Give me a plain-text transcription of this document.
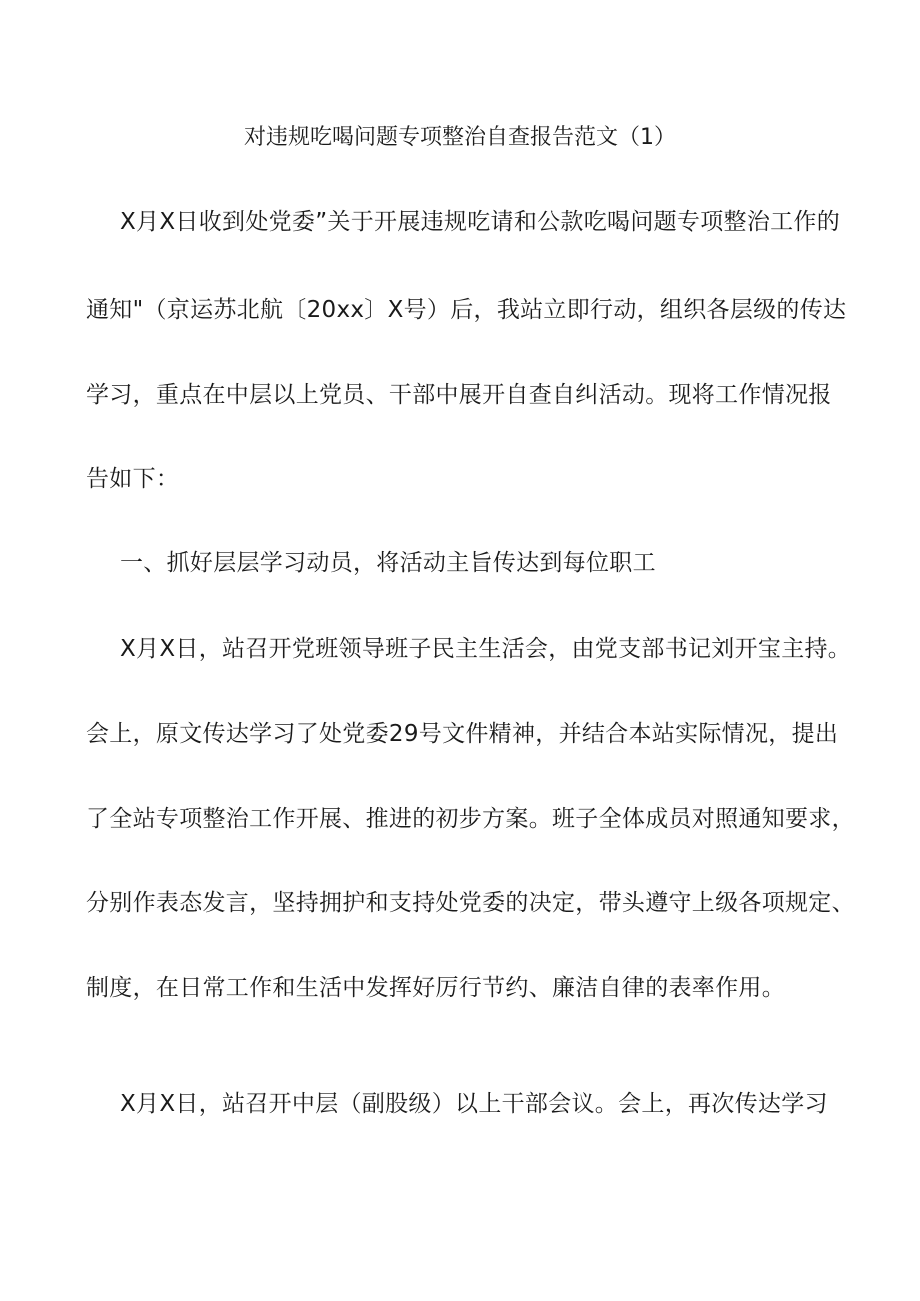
对违规吃喝问题专项整治自查报告范文（1）
X月X日收到处党委”关于开展违规吃请和公款吃喝问题专项整治工作的
通知"（京运苏北航〔20xx〕X号）后，我站立即行动，组织各层级的传达
学习，重点在中层以上党员、干部中展开自查自纠活动。现将工作情况报
告如下：
一、抓好层层学习动员，将活动主旨传达到每位职工
X月X日，站召开党班领导班子民主生活会，由党支部书记刘开宝主持。
会上，原文传达学习了处党委29号文件精神，并结合本站实际情况，提出
了全站专项整治工作开展、推进的初步方案。班子全体成员对照通知要求，
分别作表态发言，坚持拥护和支持处党委的决定，带头遵守上级各项规定、
制度，在日常工作和生活中发挥好厉行节约、廉洁自律的表率作用。
X月X日，站召开中层（副股级）以上干部会议。会上，再次传达学习
